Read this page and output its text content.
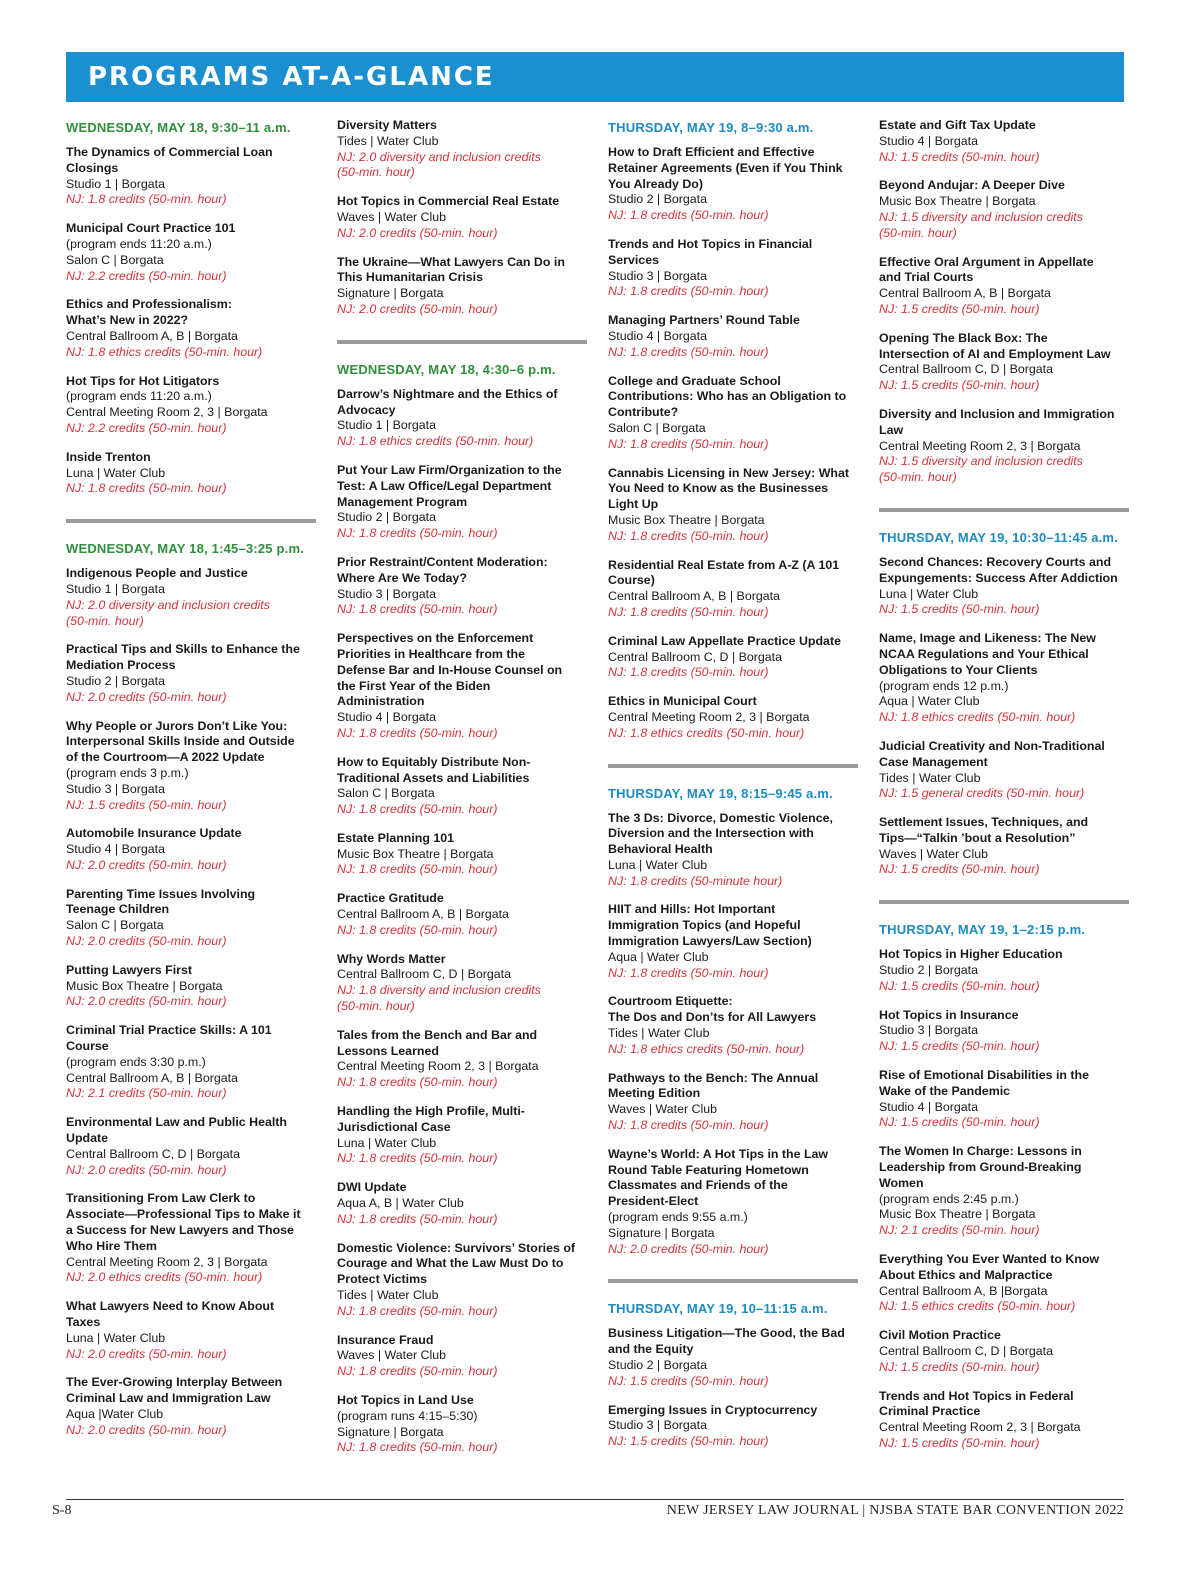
PROGRAMS AT-A-GLANCE
WEDNESDAY, MAY 18, 9:30–11 a.m.
The Dynamics of Commercial Loan
Closings
Studio 1 | Borgata
NJ: 1.8 credits (50-min. hour)
Municipal Court Practice 101
(program ends 11:20 a.m.)
Salon C | Borgata
NJ: 2.2 credits (50-min. hour)
Ethics and Professionalism:
What’s New in 2022?
Central Ballroom A, B | Borgata
NJ: 1.8 ethics credits (50-min. hour)
Hot Tips for Hot Litigators
(program ends 11:20 a.m.)
Central Meeting Room 2, 3 | Borgata
NJ: 2.2 credits (50-min. hour)
Inside Trenton
Luna | Water Club
NJ: 1.8 credits (50-min. hour)
WEDNESDAY, MAY 18, 1:45–3:25 p.m.
Indigenous People and Justice
Studio 1 | Borgata
NJ: 2.0 diversity and inclusion credits
(50-min. hour)
Practical Tips and Skills to Enhance the
Mediation Process
Studio 2 | Borgata
NJ: 2.0 credits (50-min. hour)
Why People or Jurors Don’t Like You:
Interpersonal Skills Inside and Outside
of the Courtroom—A 2022 Update
(program ends 3 p.m.)
Studio 3 | Borgata
NJ: 1.5 credits (50-min. hour)
Automobile Insurance Update
Studio 4 | Borgata
NJ: 2.0 credits (50-min. hour)
Parenting Time Issues Involving
Teenage Children
Salon C | Borgata
NJ: 2.0 credits (50-min. hour)
Putting Lawyers First
Music Box Theatre | Borgata
NJ: 2.0 credits (50-min. hour)
Criminal Trial Practice Skills: A 101
Course
(program ends 3:30 p.m.)
Central Ballroom A, B | Borgata
NJ: 2.1 credits (50-min. hour)
Environmental Law and Public Health
Update
Central Ballroom C, D | Borgata
NJ: 2.0 credits (50-min. hour)
Transitioning From Law Clerk to
Associate—Professional Tips to Make it
a Success for New Lawyers and Those
Who Hire Them
Central Meeting Room 2, 3 | Borgata
NJ: 2.0 ethics credits (50-min. hour)
What Lawyers Need to Know About
Taxes
Luna | Water Club
NJ: 2.0 credits (50-min. hour)
The Ever-Growing Interplay Between
Criminal Law and Immigration Law
Aqua |Water Club
NJ: 2.0 credits (50-min. hour)
Diversity Matters
Tides | Water Club
NJ: 2.0 diversity and inclusion credits
(50-min. hour)
Hot Topics in Commercial Real Estate
Waves | Water Club
NJ: 2.0 credits (50-min. hour)
The Ukraine—What Lawyers Can Do in
This Humanitarian Crisis
Signature | Borgata
NJ: 2.0 credits (50-min. hour)
WEDNESDAY, MAY 18, 4:30–6 p.m.
Darrow’s Nightmare and the Ethics of
Advocacy
Studio 1 | Borgata
NJ: 1.8 ethics credits (50-min. hour)
Put Your Law Firm/Organization to the
Test: A Law Office/Legal Department
Management Program
Studio 2 | Borgata
NJ: 1.8 credits (50-min. hour)
Prior Restraint/Content Moderation:
Where Are We Today?
Studio 3 | Borgata
NJ: 1.8 credits (50-min. hour)
Perspectives on the Enforcement
Priorities in Healthcare from the
Defense Bar and In-House Counsel on
the First Year of the Biden
Administration
Studio 4 | Borgata
NJ: 1.8 credits (50-min. hour)
How to Equitably Distribute Non-
Traditional Assets and Liabilities
Salon C | Borgata
NJ: 1.8 credits (50-min. hour)
Estate Planning 101
Music Box Theatre | Borgata
NJ: 1.8 credits (50-min. hour)
Practice Gratitude
Central Ballroom A, B | Borgata
NJ: 1.8 credits (50-min. hour)
Why Words Matter
Central Ballroom C, D | Borgata
NJ: 1.8 diversity and inclusion credits
(50-min. hour)
Tales from the Bench and Bar and
Lessons Learned
Central Meeting Room 2, 3 | Borgata
NJ: 1.8 credits (50-min. hour)
Handling the High Profile, Multi-
Jurisdictional Case
Luna | Water Club
NJ: 1.8 credits (50-min. hour)
DWI Update
Aqua A, B | Water Club
NJ: 1.8 credits (50-min. hour)
Domestic Violence: Survivors’ Stories of
Courage and What the Law Must Do to
Protect Victims
Tides | Water Club
NJ: 1.8 credits (50-min. hour)
Insurance Fraud
Waves | Water Club
NJ: 1.8 credits (50-min. hour)
Hot Topics in Land Use
(program runs 4:15–5:30)
Signature | Borgata
NJ: 1.8 credits (50-min. hour)
THURSDAY, MAY 19, 8–9:30 a.m.
How to Draft Efficient and Effective
Retainer Agreements (Even if You Think
You Already Do)
Studio 2 | Borgata
NJ: 1.8 credits (50-min. hour)
Trends and Hot Topics in Financial
Services
Studio 3 | Borgata
NJ: 1.8 credits (50-min. hour)
Managing Partners’ Round Table
Studio 4 | Borgata
NJ: 1.8 credits (50-min. hour)
College and Graduate School
Contributions: Who has an Obligation to
Contribute?
Salon C | Borgata
NJ: 1.8 credits (50-min. hour)
Cannabis Licensing in New Jersey: What
You Need to Know as the Businesses
Light Up
Music Box Theatre | Borgata
NJ: 1.8 credits (50-min. hour)
Residential Real Estate from A-Z (A 101
Course)
Central Ballroom A, B | Borgata
NJ: 1.8 credits (50-min. hour)
Criminal Law Appellate Practice Update
Central Ballroom C, D | Borgata
NJ: 1.8 credits (50-min. hour)
Ethics in Municipal Court
Central Meeting Room 2, 3 | Borgata
NJ: 1.8 ethics credits (50-min. hour)
THURSDAY, MAY 19, 8:15–9:45 a.m.
The 3 Ds: Divorce, Domestic Violence,
Diversion and the Intersection with
Behavioral Health
Luna | Water Club
NJ: 1.8 credits (50-minute hour)
HIIT and Hills: Hot Important
Immigration Topics (and Hopeful
Immigration Lawyers/Law Section)
Aqua | Water Club
NJ: 1.8 credits (50-min. hour)
Courtroom Etiquette:
The Dos and Don’ts for All Lawyers
Tides | Water Club
NJ: 1.8 ethics credits (50-min. hour)
Pathways to the Bench: The Annual
Meeting Edition
Waves | Water Club
NJ: 1.8 credits (50-min. hour)
Wayne’s World: A Hot Tips in the Law
Round Table Featuring Hometown
Classmates and Friends of the
President-Elect
(program ends 9:55 a.m.)
Signature | Borgata
NJ: 2.0 credits (50-min. hour)
THURSDAY, MAY 19, 10–11:15 a.m.
Business Litigation—The Good, the Bad
and the Equity
Studio 2 | Borgata
NJ: 1.5 credits (50-min. hour)
Emerging Issues in Cryptocurrency
Studio 3 | Borgata
NJ: 1.5 credits (50-min. hour)
Estate and Gift Tax Update
Studio 4 | Borgata
NJ: 1.5 credits (50-min. hour)
Beyond Andujar: A Deeper Dive
Music Box Theatre | Borgata
NJ: 1.5 diversity and inclusion credits
(50-min. hour)
Effective Oral Argument in Appellate
and Trial Courts
Central Ballroom A, B | Borgata
NJ: 1.5 credits (50-min. hour)
Opening The Black Box: The
Intersection of AI and Employment Law
Central Ballroom C, D | Borgata
NJ: 1.5 credits (50-min. hour)
Diversity and Inclusion and Immigration
Law
Central Meeting Room 2, 3 | Borgata
NJ: 1.5 diversity and inclusion credits
(50-min. hour)
THURSDAY, MAY 19, 10:30–11:45 a.m.
Second Chances: Recovery Courts and
Expungements: Success After Addiction
Luna | Water Club
NJ: 1.5 credits (50-min. hour)
Name, Image and Likeness: The New
NCAA Regulations and Your Ethical
Obligations to Your Clients
(program ends 12 p.m.)
Aqua | Water Club
NJ: 1.8 ethics credits (50-min. hour)
Judicial Creativity and Non-Traditional
Case Management
Tides | Water Club
NJ: 1.5 general credits (50-min. hour)
Settlement Issues, Techniques, and
Tips—“Talkin ’bout a Resolution”
Waves | Water Club
NJ: 1.5 credits (50-min. hour)
THURSDAY, MAY 19, 1–2:15 p.m.
Hot Topics in Higher Education
Studio 2 | Borgata
NJ: 1.5 credits (50-min. hour)
Hot Topics in Insurance
Studio 3 | Borgata
NJ: 1.5 credits (50-min. hour)
Rise of Emotional Disabilities in the
Wake of the Pandemic
Studio 4 | Borgata
NJ: 1.5 credits (50-min. hour)
The Women In Charge: Lessons in
Leadership from Ground-Breaking
Women
(program ends 2:45 p.m.)
Music Box Theatre | Borgata
NJ: 2.1 credits (50-min. hour)
Everything You Ever Wanted to Know
About Ethics and Malpractice
Central Ballroom A, B |Borgata
NJ: 1.5 ethics credits (50-min. hour)
Civil Motion Practice
Central Ballroom C, D | Borgata
NJ: 1.5 credits (50-min. hour)
Trends and Hot Topics in Federal
Criminal Practice
Central Meeting Room 2, 3 | Borgata
NJ: 1.5 credits (50-min. hour)
S-8	NEW JERSEY LAW JOURNAL | NJSBA STATE BAR CONVENTION 2022
